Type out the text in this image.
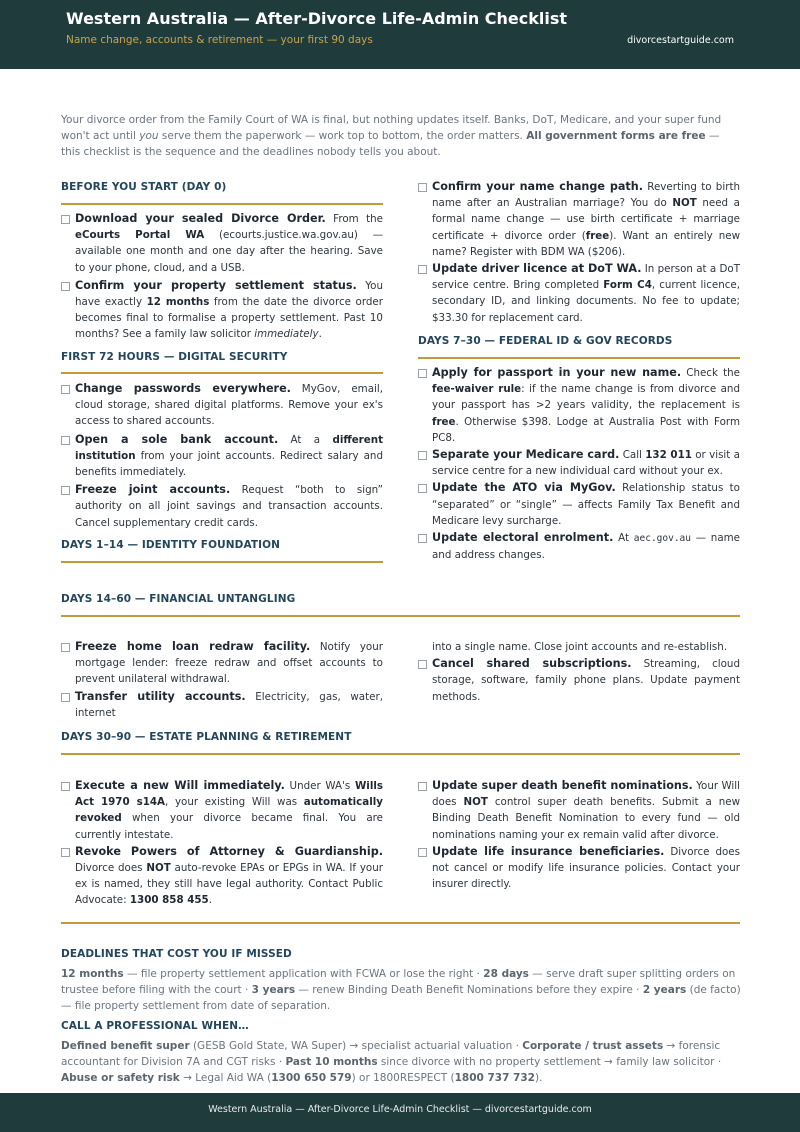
Western Australia — After-Divorce Life-Admin Checklist
Name change, accounts & retirement — your first 90 days	divorcestartguide.com
Your divorce order from the Family Court of WA is final, but nothing updates itself. Banks, DoT, Medicare, and your super fund won't act until you serve them the paperwork — work top to bottom, the order matters. All government forms are free — this checklist is the sequence and the deadlines nobody tells you about.
BEFORE YOU START (DAY 0)
Download your sealed Divorce Order. From the eCourts Portal WA (ecourts.justice.wa.gov.au) — available one month and one day after the hearing. Save to your phone, cloud, and a USB.
Confirm your property settlement status. You have exactly 12 months from the date the divorce order becomes final to formalise a property settlement. Past 10 months? See a family law solicitor immediately.
FIRST 72 HOURS — DIGITAL SECURITY
Change passwords everywhere. MyGov, email, cloud storage, shared digital platforms. Remove your ex's access to shared accounts.
Open a sole bank account. At a different institution from your joint accounts. Redirect salary and benefits immediately.
Freeze joint accounts. Request “both to sign” authority on all joint savings and transaction accounts. Cancel supplementary credit cards.
DAYS 1–14 — IDENTITY FOUNDATION
Confirm your name change path. Reverting to birth name after an Australian marriage? You do NOT need a formal name change — use birth certificate + marriage certificate + divorce order (free). Want an entirely new name? Register with BDM WA ($206).
Update driver licence at DoT WA. In person at a DoT service centre. Bring completed Form C4, current licence, secondary ID, and linking documents. No fee to update; $33.30 for replacement card.
DAYS 7–30 — FEDERAL ID & GOV RECORDS
Apply for passport in your new name. Check the fee-waiver rule: if the name change is from divorce and your passport has >2 years validity, the replacement is free. Otherwise $398. Lodge at Australia Post with Form PC8.
Separate your Medicare card. Call 132 011 or visit a service centre for a new individual card without your ex.
Update the ATO via MyGov. Relationship status to “separated” or “single” — affects Family Tax Benefit and Medicare levy surcharge.
Update electoral enrolment. At aec.gov.au — name and address changes.
DAYS 14–60 — FINANCIAL UNTANGLING
Freeze home loan redraw facility. Notify your mortgage lender: freeze redraw and offset accounts to prevent unilateral withdrawal.
Transfer utility accounts. Electricity, gas, water, internet
into a single name. Close joint accounts and re-establish.
Cancel shared subscriptions. Streaming, cloud storage, software, family phone plans. Update payment methods.
DAYS 30–90 — ESTATE PLANNING & RETIREMENT
Execute a new Will immediately. Under WA's Wills Act 1970 s14A, your existing Will was automatically revoked when your divorce became final. You are currently intestate.
Revoke Powers of Attorney & Guardianship. Divorce does NOT auto-revoke EPAs or EPGs in WA. If your ex is named, they still have legal authority. Contact Public Advocate: 1300 858 455.
Update super death benefit nominations. Your Will does NOT control super death benefits. Submit a new Binding Death Benefit Nomination to every fund — old nominations naming your ex remain valid after divorce.
Update life insurance beneficiaries. Divorce does not cancel or modify life insurance policies. Contact your insurer directly.
DEADLINES THAT COST YOU IF MISSED
12 months — file property settlement application with FCWA or lose the right · 28 days — serve draft super splitting orders on trustee before filing with the court · 3 years — renew Binding Death Benefit Nominations before they expire · 2 years (de facto) — file property settlement from date of separation.
CALL A PROFESSIONAL WHEN…
Defined benefit super (GESB Gold State, WA Super) → specialist actuarial valuation · Corporate / trust assets → forensic accountant for Division 7A and CGT risks · Past 10 months since divorce with no property settlement → family law solicitor · Abuse or safety risk → Legal Aid WA (1300 650 579) or 1800RESPECT (1800 737 732).
Western Australia — After-Divorce Life-Admin Checklist — divorcestartguide.com
